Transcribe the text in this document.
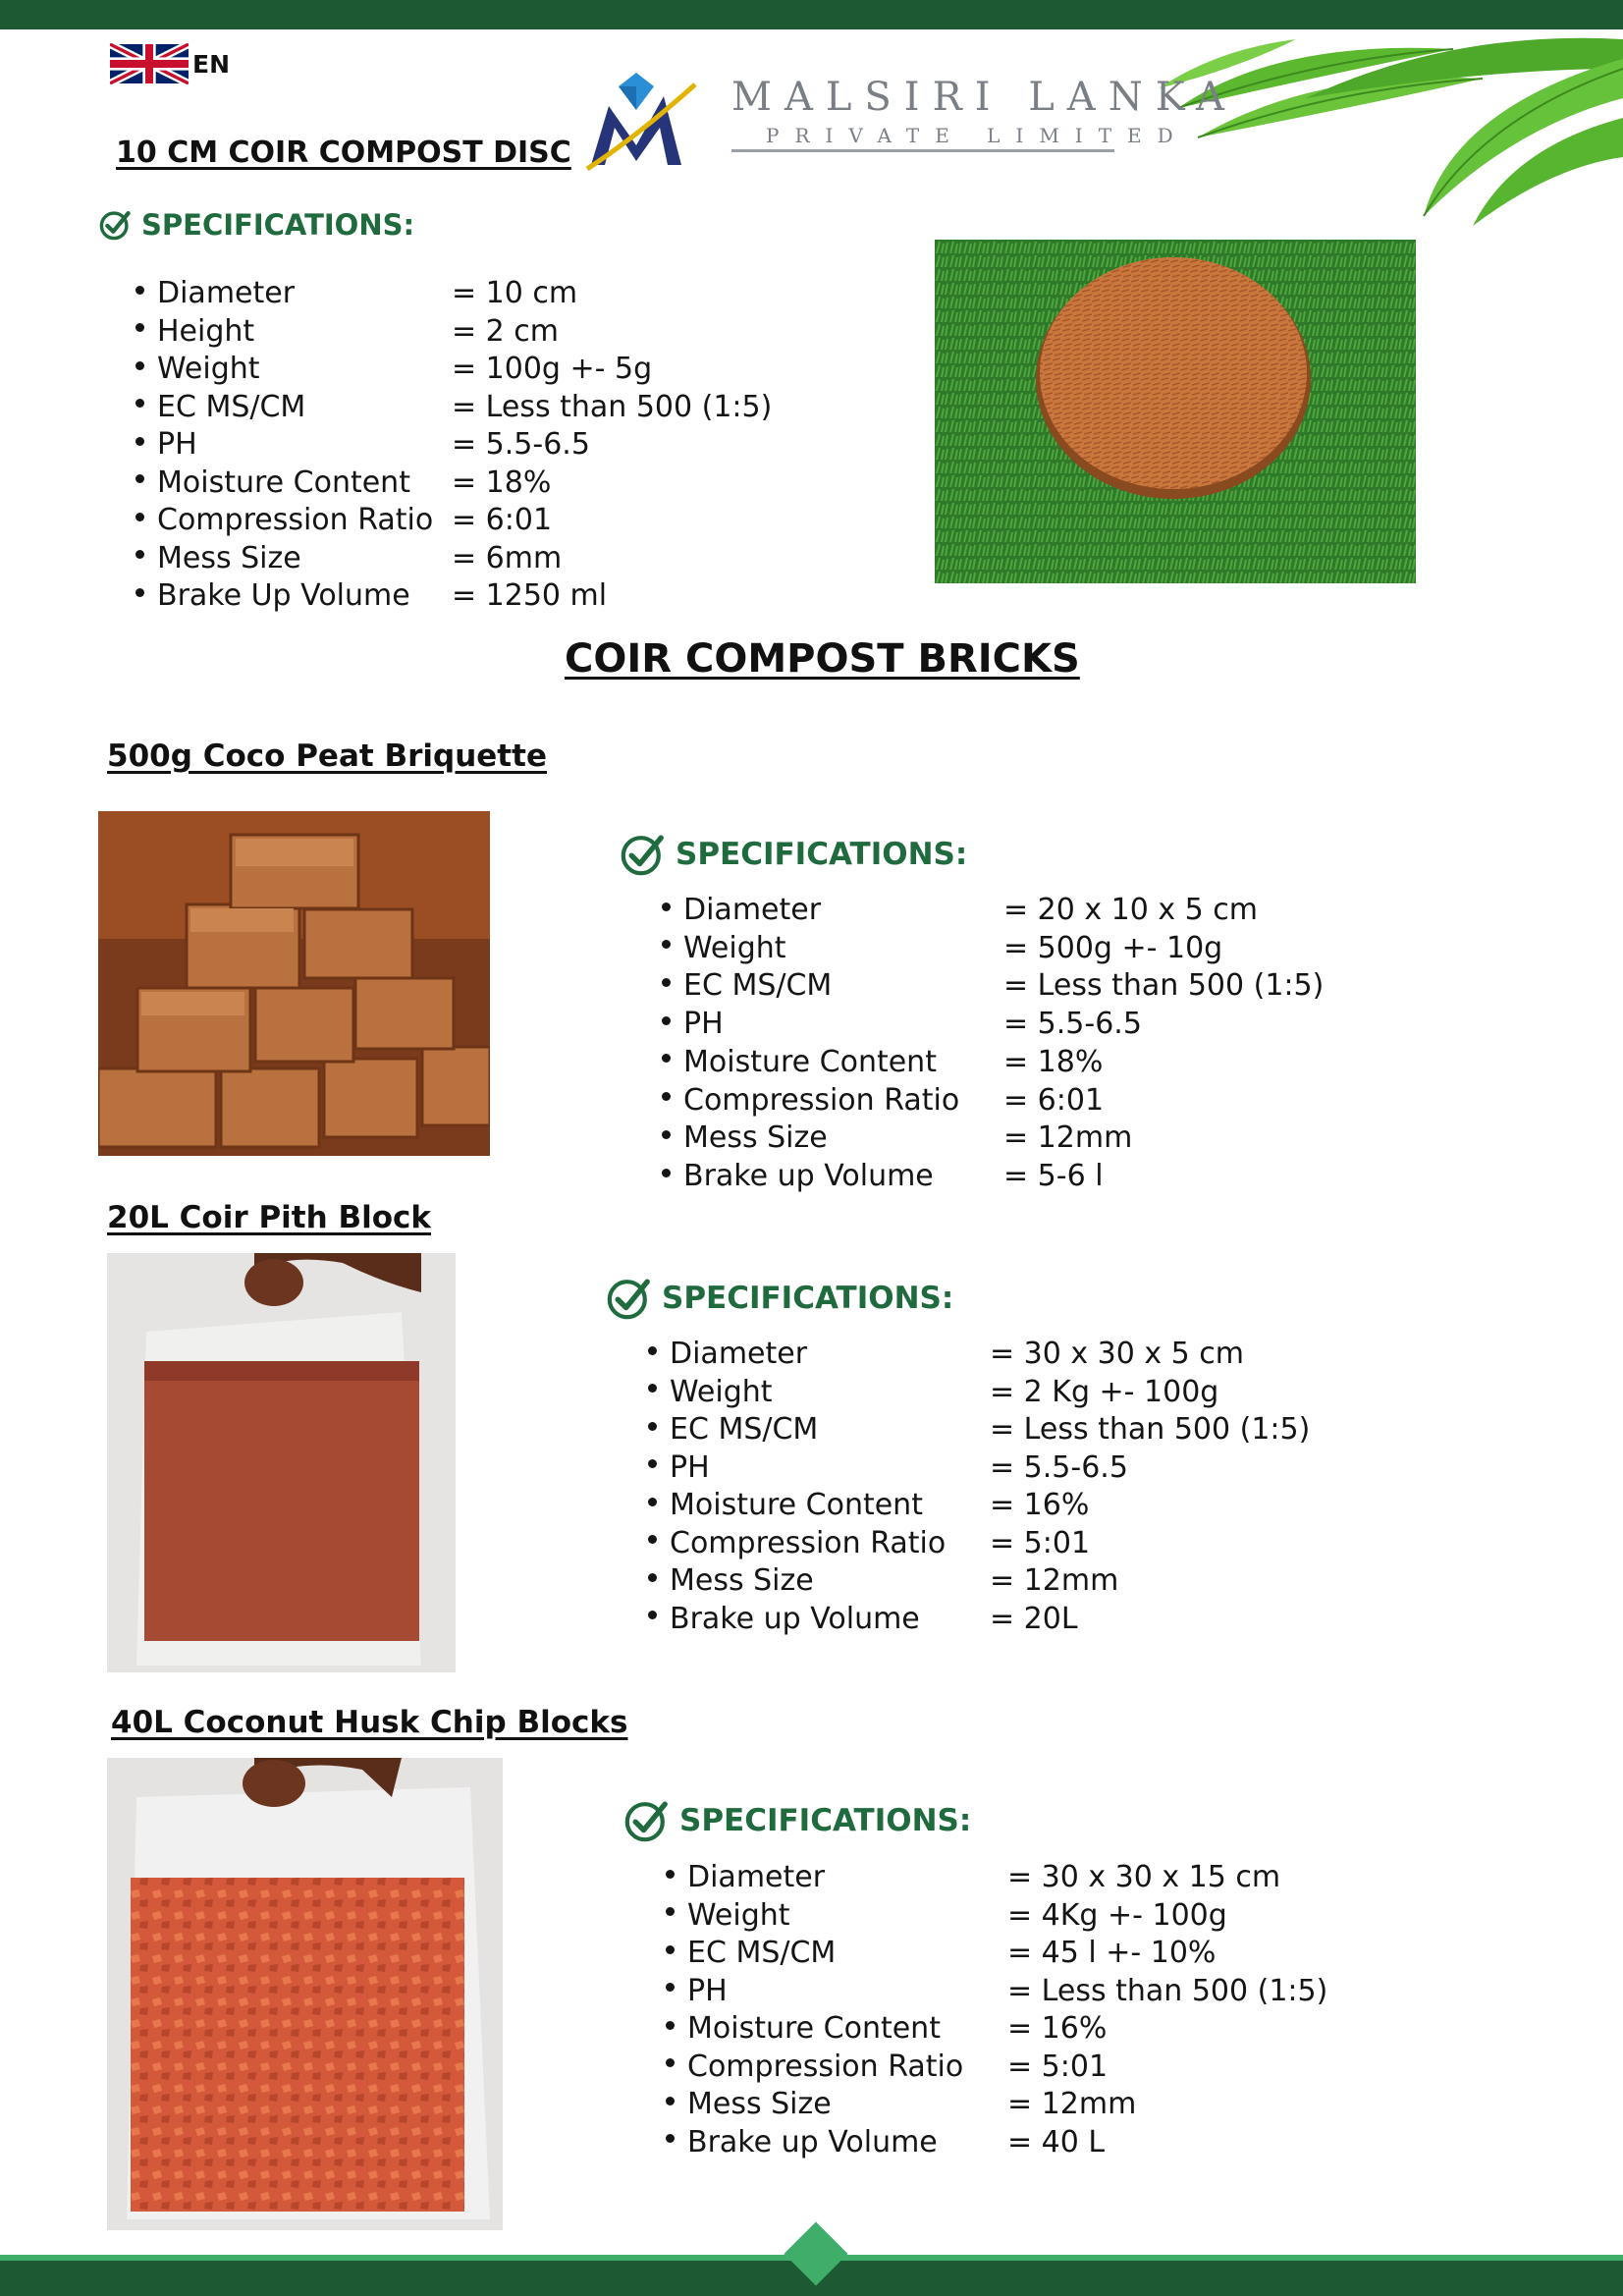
EN
MALSIRI LANKA
PRIVATE LIMITED
10 CM COIR COMPOST DISC
SPECIFICATIONS:
Diameter	= 10 cm
Height	= 2 cm
Weight	= 100g +- 5g
EC MS/CM	= Less than 500 (1:5)
PH	= 5.5-6.5
Moisture Content	= 18%
Compression Ratio = 6:01
Mess Size	= 6mm
Brake Up Volume	= 1250 ml
COIR COMPOST BRICKS
500g Coco Peat Briquette
SPECIFICATIONS:
Diameter	= 20 x 10 x 5 cm
Weight	= 500g +- 10g
EC MS/CM	= Less than 500 (1:5)
PH	= 5.5-6.5
Moisture Content	= 18%
Compression Ratio	= 6:01
Mess Size	= 12mm
Brake up Volume	= 5-6 l
20L Coir Pith Block
SPECIFICATIONS:
Diameter	= 30 x 30 x 5 cm
Weight	= 2 Kg +- 100g
EC MS/CM	= Less than 500 (1:5)
PH	= 5.5-6.5
Moisture Content	= 16%
Compression Ratio	= 5:01
Mess Size	= 12mm
Brake up Volume	= 20L
40L Coconut Husk Chip Blocks
SPECIFICATIONS:
Diameter	= 30 x 30 x 15 cm
Weight	= 4Kg +- 100g
EC MS/CM	= 45 l +- 10%
PH	= Less than 500 (1:5)
Moisture Content	= 16%
Compression Ratio	= 5:01
Mess Size	= 12mm
Brake up Volume	= 40 L
